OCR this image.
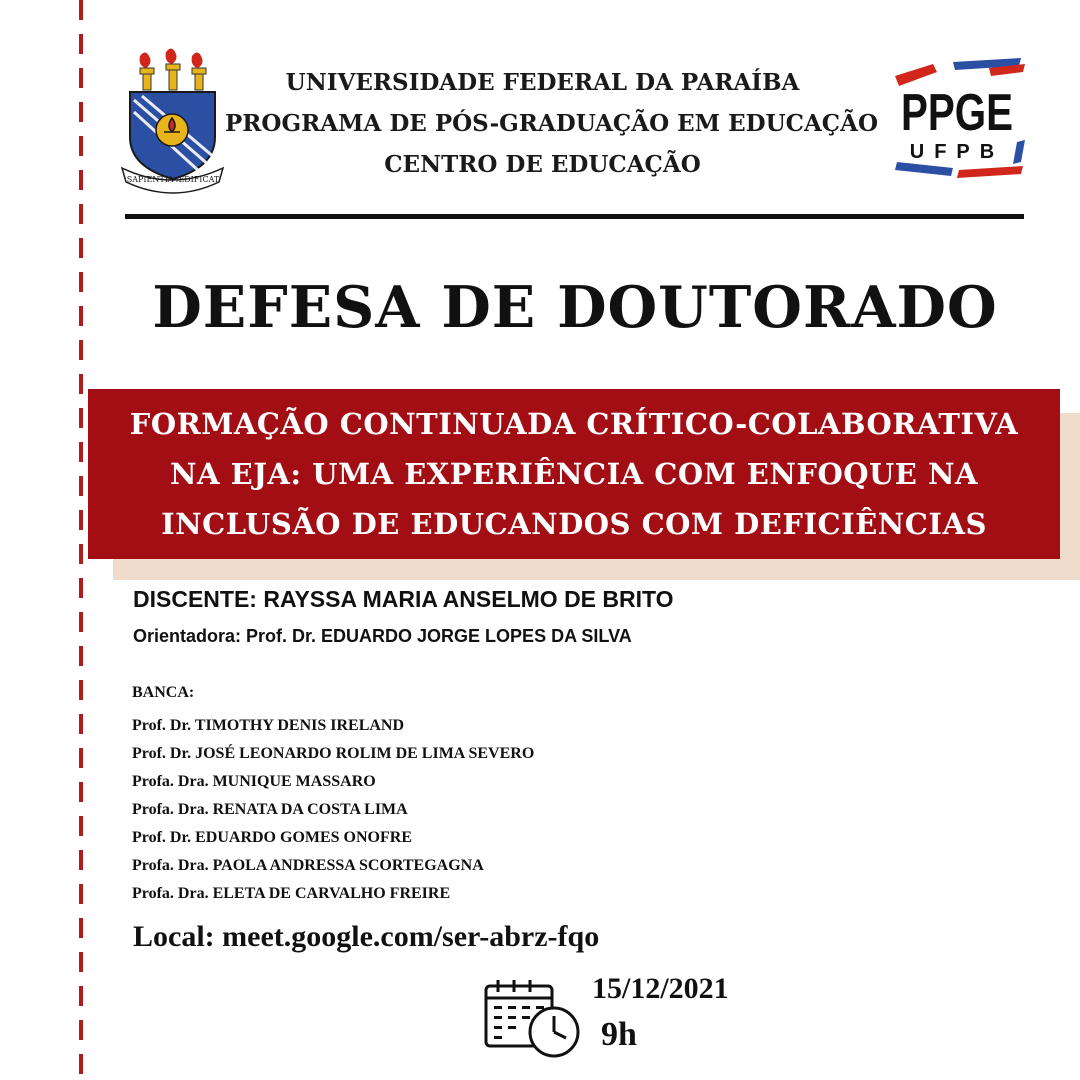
SAPIENTIA ÆDIFICAT
UNIVERSIDADE FEDERAL DA PARAÍBA
PROGRAMA DE PÓS-GRADUAÇÃO EM EDUCAÇÃO
CENTRO DE EDUCAÇÃO
PPGE
UFPB
DEFESA DE DOUTORADO
FORMAÇÃO CONTINUADA CRÍTICO-COLABORATIVA
NA EJA: UMA EXPERIÊNCIA COM ENFOQUE NA
INCLUSÃO DE EDUCANDOS COM DEFICIÊNCIAS
DISCENTE: RAYSSA MARIA ANSELMO DE BRITO
Orientadora: Prof. Dr. EDUARDO JORGE LOPES DA SILVA
BANCA:
Prof. Dr. TIMOTHY DENIS IRELAND
Prof. Dr. JOSÉ LEONARDO ROLIM DE LIMA SEVERO
Profa. Dra. MUNIQUE MASSARO
Profa. Dra. RENATA DA COSTA LIMA
Prof. Dr. EDUARDO GOMES ONOFRE
Profa. Dra. PAOLA ANDRESSA SCORTEGAGNA
Profa. Dra. ELETA DE CARVALHO FREIRE
Local: meet.google.com/ser-abrz-fqo
15/12/2021
9h
